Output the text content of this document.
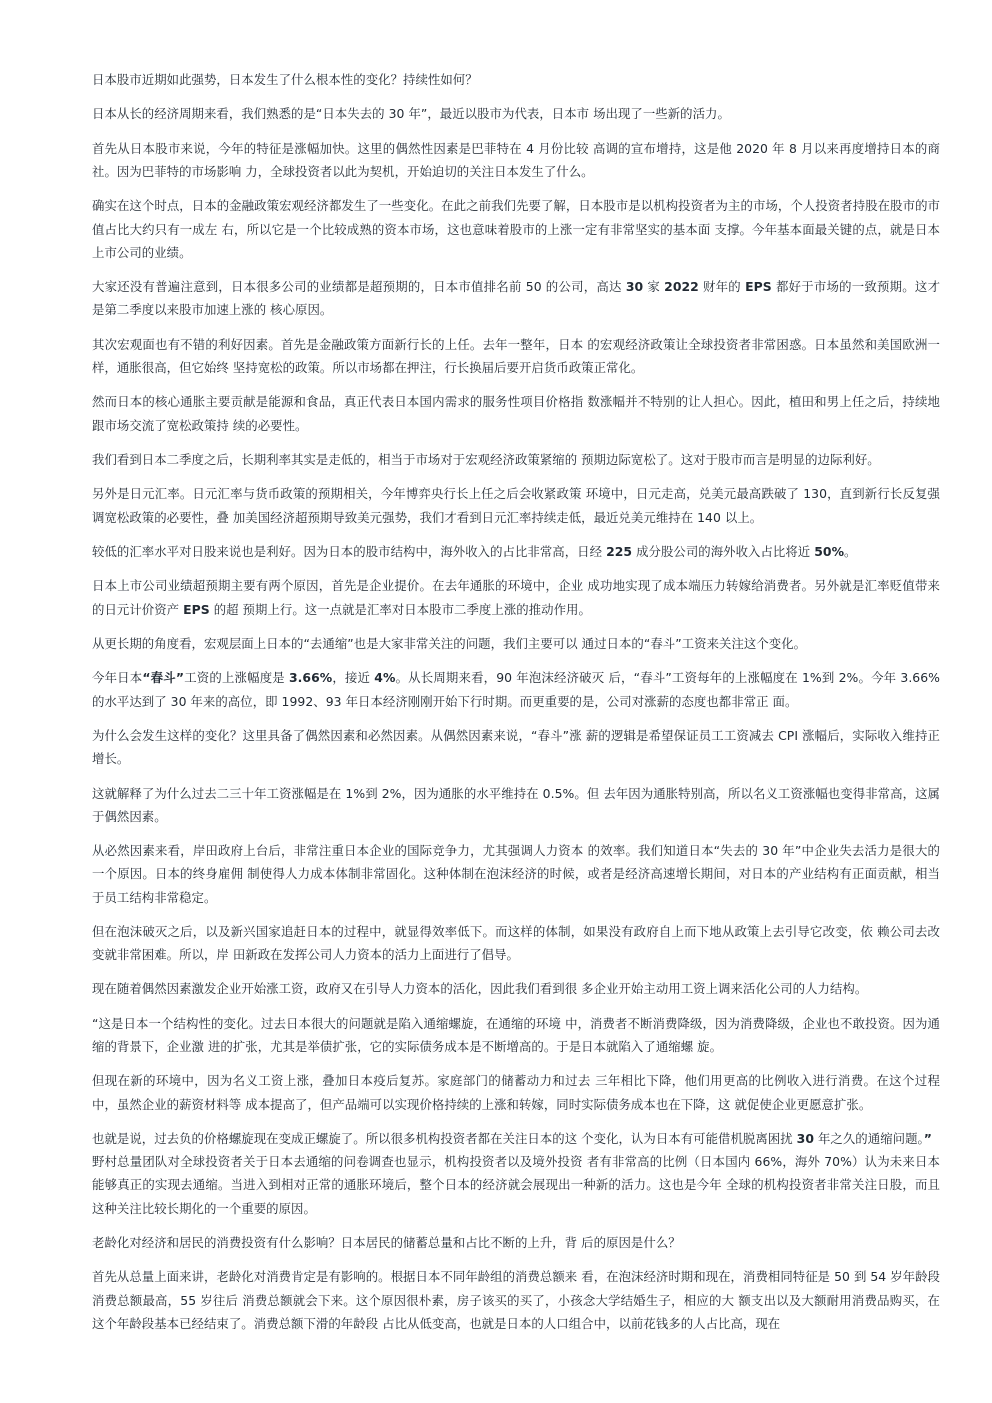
日本股市近期如此强势，日本发生了什么根本性的变化？持续性如何？

日本从长的经济周期来看，我们熟悉的是“日本失去的 30 年”，最近以股市为代表，日本市 场出现了一些新的活力。

首先从日本股市来说，今年的特征是涨幅加快。这里的偶然性因素是巴菲特在 4 月份比较 高调的宣布增持，这是他 2020 年 8 月以来再度增持日本的商社。因为巴菲特的市场影响 力，全球投资者以此为契机，开始迫切的关注日本发生了什么。

确实在这个时点，日本的金融政策宏观经济都发生了一些变化。在此之前我们先要了解，日本股市是以机构投资者为主的市场，个人投资者持股在股市的市值占比大约只有一成左 右，所以它是一个比较成熟的资本市场，这也意味着股市的上涨一定有非常坚实的基本面 支撑。今年基本面最关键的点，就是日本上市公司的业绩。

大家还没有普遍注意到，日本很多公司的业绩都是超预期的，日本市值排名前 50 的公司，高达 30 家 2022 财年的 EPS 都好于市场的一致预期。这才是第二季度以来股市加速上涨的 核心原因。

其次宏观面也有不错的利好因素。首先是金融政策方面新行长的上任。去年一整年，日本 的宏观经济政策让全球投资者非常困惑。日本虽然和美国欧洲一样，通胀很高，但它始终 坚持宽松的政策。所以市场都在押注，行长换届后要开启货币政策正常化。

然而日本的核心通胀主要贡献是能源和食品，真正代表日本国内需求的服务性项目价格指 数涨幅并不特别的让人担心。因此，植田和男上任之后，持续地跟市场交流了宽松政策持 续的必要性。

我们看到日本二季度之后，长期利率其实是走低的，相当于市场对于宏观经济政策紧缩的 预期边际宽松了。这对于股市而言是明显的边际利好。

另外是日元汇率。日元汇率与货币政策的预期相关，今年博弈央行长上任之后会收紧政策 环境中，日元走高，兑美元最高跌破了 130，直到新行长反复强调宽松政策的必要性，叠 加美国经济超预期导致美元强势，我们才看到日元汇率持续走低，最近兑美元维持在 140 以上。

较低的汇率水平对日股来说也是利好。因为日本的股市结构中，海外收入的占比非常高，日经 225 成分股公司的海外收入占比将近 50%。

日本上市公司业绩超预期主要有两个原因，首先是企业提价。在去年通胀的环境中，企业 成功地实现了成本端压力转嫁给消费者。另外就是汇率贬值带来的日元计价资产 EPS 的超 预期上行。这一点就是汇率对日本股市二季度上涨的推动作用。

从更长期的角度看，宏观层面上日本的“去通缩”也是大家非常关注的问题，我们主要可以 通过日本的“春斗”工资来关注这个变化。

今年日本“春斗”工资的上涨幅度是 3.66%，接近 4%。从长周期来看，90 年泡沫经济破灭 后，“春斗”工资每年的上涨幅度在 1%到 2%。今年 3.66%的水平达到了 30 年来的高位，即 1992、93 年日本经济刚刚开始下行时期。而更重要的是，公司对涨薪的态度也都非常正 面。

为什么会发生这样的变化？这里具备了偶然因素和必然因素。从偶然因素来说，“春斗”涨 薪的逻辑是希望保证员工工资减去 CPI 涨幅后，实际收入维持正增长。

这就解释了为什么过去二三十年工资涨幅是在 1%到 2%，因为通胀的水平维持在 0.5%。但 去年因为通胀特别高，所以名义工资涨幅也变得非常高，这属于偶然因素。

从必然因素来看，岸田政府上台后，非常注重日本企业的国际竞争力，尤其强调人力资本 的效率。我们知道日本“失去的 30 年”中企业失去活力是很大的一个原因。日本的终身雇佣 制使得人力成本体制非常固化。这种体制在泡沫经济的时候，或者是经济高速增长期间，对日本的产业结构有正面贡献，相当于员工结构非常稳定。

但在泡沫破灭之后，以及新兴国家追赶日本的过程中，就显得效率低下。而这样的体制，如果没有政府自上而下地从政策上去引导它改变，依 赖公司去改变就非常困难。所以，岸 田新政在发挥公司人力资本的活力上面进行了倡导。

现在随着偶然因素激发企业开始涨工资，政府又在引导人力资本的活化，因此我们看到很 多企业开始主动用工资上调来活化公司的人力结构。

“这是日本一个结构性的变化。过去日本很大的问题就是陷入通缩螺旋，在通缩的环境 中，消费者不断消费降级，因为消费降级，企业也不敢投资。因为通缩的背景下，企业激 进的扩张，尤其是举债扩张，它的实际债务成本是不断增高的。于是日本就陷入了通缩螺 旋。

但现在新的环境中，因为名义工资上涨，叠加日本疫后复苏。家庭部门的储蓄动力和过去 三年相比下降，他们用更高的比例收入进行消费。在这个过程中，虽然企业的薪资材料等 成本提高了，但产品端可以实现价格持续的上涨和转嫁，同时实际债务成本也在下降，这 就促使企业更愿意扩张。

也就是说，过去负的价格螺旋现在变成正螺旋了。所以很多机构投资者都在关注日本的这 个变化，认为日本有可能借机脱离困扰 30 年之久的通缩问题。”

野村总量团队对全球投资者关于日本去通缩的问卷调查也显示，机构投资者以及境外投资 者有非常高的比例（日本国内 66%，海外 70%）认为未来日本能够真正的实现去通缩。当进入到相对正常的通胀环境后，整个日本的经济就会展现出一种新的活力。这也是今年 全球的机构投资者非常关注日股，而且这种关注比较长期化的一个重要的原因。

老龄化对经济和居民的消费投资有什么影响？日本居民的储蓄总量和占比不断的上升，背 后的原因是什么？

首先从总量上面来讲，老龄化对消费肯定是有影响的。根据日本不同年龄组的消费总额来 看，在泡沫经济时期和现在，消费相同特征是 50 到 54 岁年龄段消费总额最高，55 岁往后 消费总额就会下来。这个原因很朴素，房子该买的买了，小孩念大学结婚生子，相应的大 额支出以及大额耐用消费品购买，在这个年龄段基本已经结束了。消费总额下滑的年龄段 占比从低变高，也就是日本的人口组合中，以前花钱多的人占比高，现在
